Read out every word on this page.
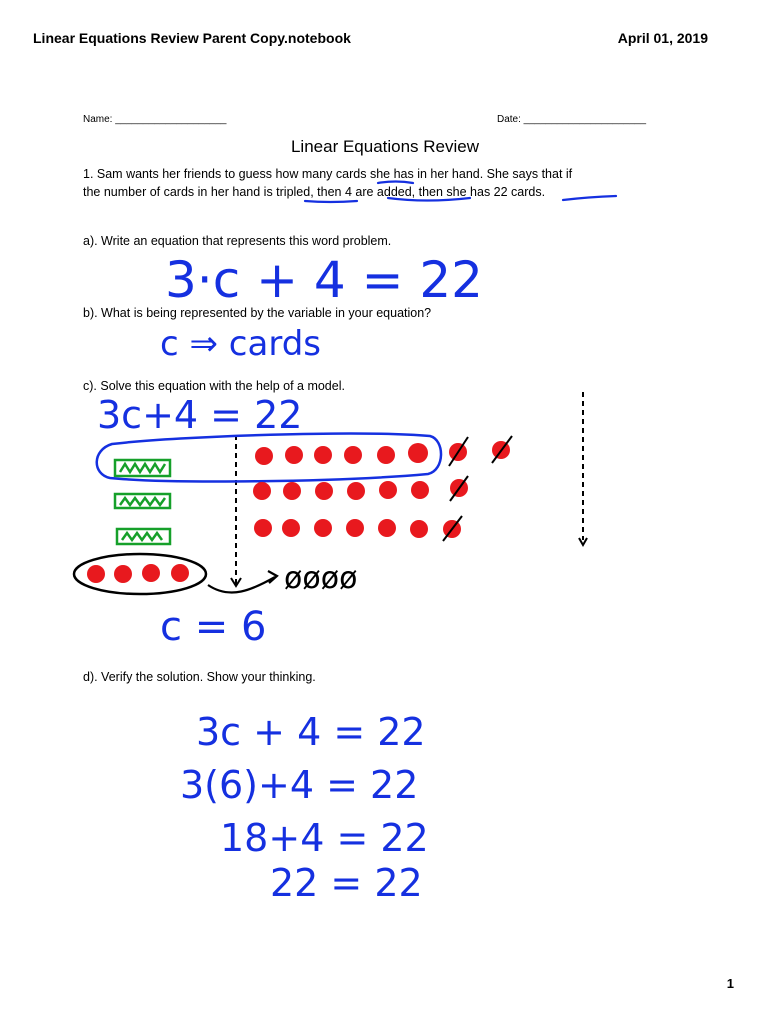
Linear Equations Review Parent Copy.notebook	April 01, 2019
Name: ____________________	Date: ______________________
Linear Equations Review
1. Sam wants her friends to guess how many cards she has in her hand. She says that if
the number of cards in her hand is tripled, then 4 are added, then she has 22 cards.
a). Write an equation that represents this word problem.
b). What is being represented by the variable in your equation?
c). Solve this equation with the help of a model.
d). Verify the solution. Show your thinking.
3·c + 4 = 22
c ⇒ cards
3c+4 = 22
øøøø
c = 6
3c + 4 = 22
3(6)+4 = 22
18+4 = 22
22 = 22
1
